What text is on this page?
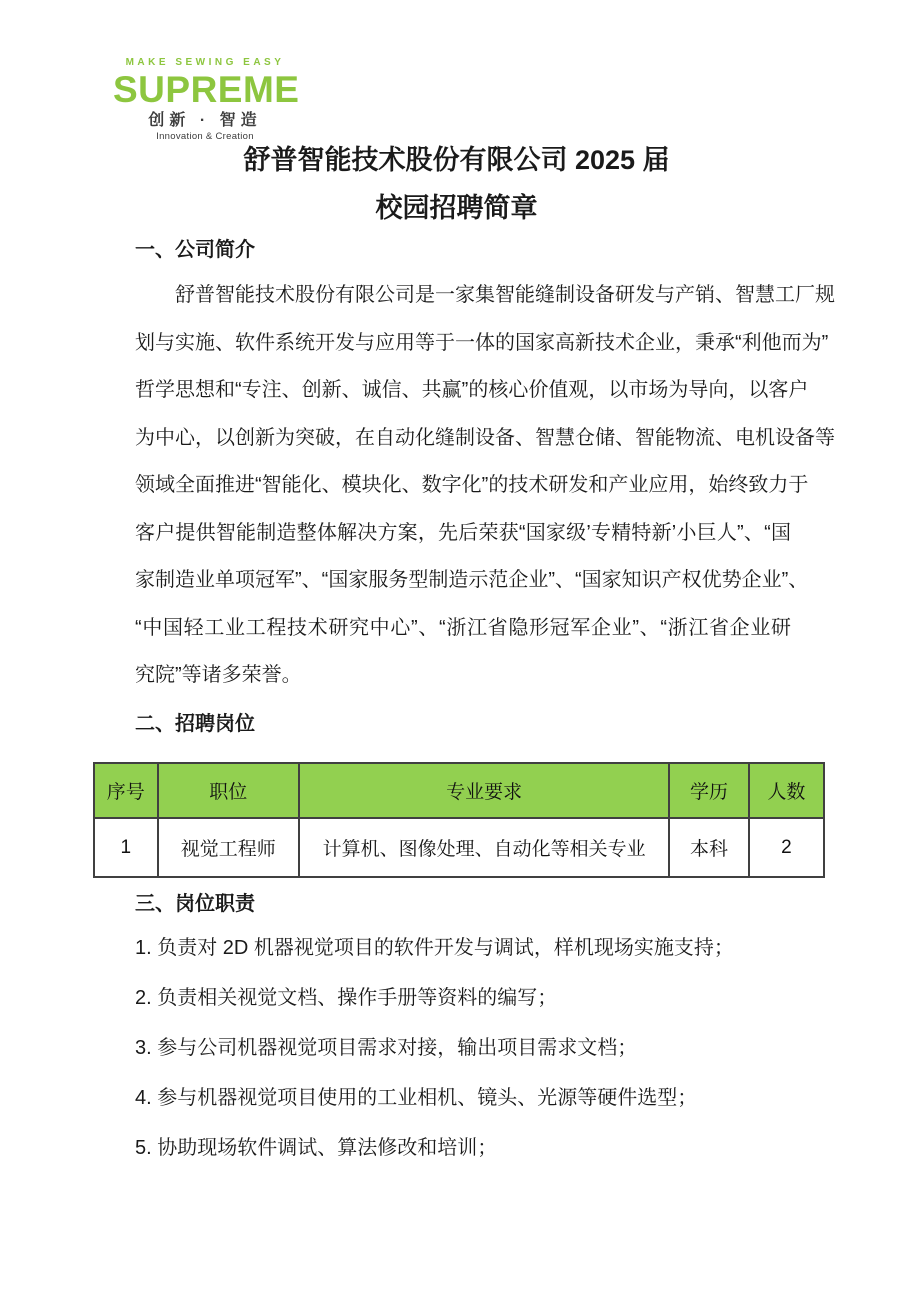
MAKE SEWING EASY
SUPREME
创新 · 智造
Innovation & Creation
舒普智能技术股份有限公司 2025 届
校园招聘简章
一、公司简介
舒普智能技术股份有限公司是一家集智能缝制设备研发与产销、智慧工厂规
划与实施、软件系统开发与应用等于一体的国家高新技术企业，秉承“利他而为”
哲学思想和“专注、创新、诚信、共赢”的核心价值观，以市场为导向，以客户
为中心，以创新为突破，在自动化缝制设备、智慧仓储、智能物流、电机设备等
领域全面推进“智能化、模块化、数字化”的技术研发和产业应用，始终致力于
客户提供智能制造整体解决方案，先后荣获“国家级’专精特新’小巨人”、“国
家制造业单项冠军”、“国家服务型制造示范企业”、“国家知识产权优势企业”、
“中国轻工业工程技术研究中心”、“浙江省隐形冠军企业”、“浙江省企业研
究院”等诸多荣誉。
二、招聘岗位
序号	职位	专业要求	学历	人数
1	视觉工程师	计算机、图像处理、自动化等相关专业	本科	2
三、岗位职责
1. 负责对 2D 机器视觉项目的软件开发与调试，样机现场实施支持；
2. 负责相关视觉文档、操作手册等资料的编写；
3. 参与公司机器视觉项目需求对接，输出项目需求文档；
4. 参与机器视觉项目使用的工业相机、镜头、光源等硬件选型；
5. 协助现场软件调试、算法修改和培训；
